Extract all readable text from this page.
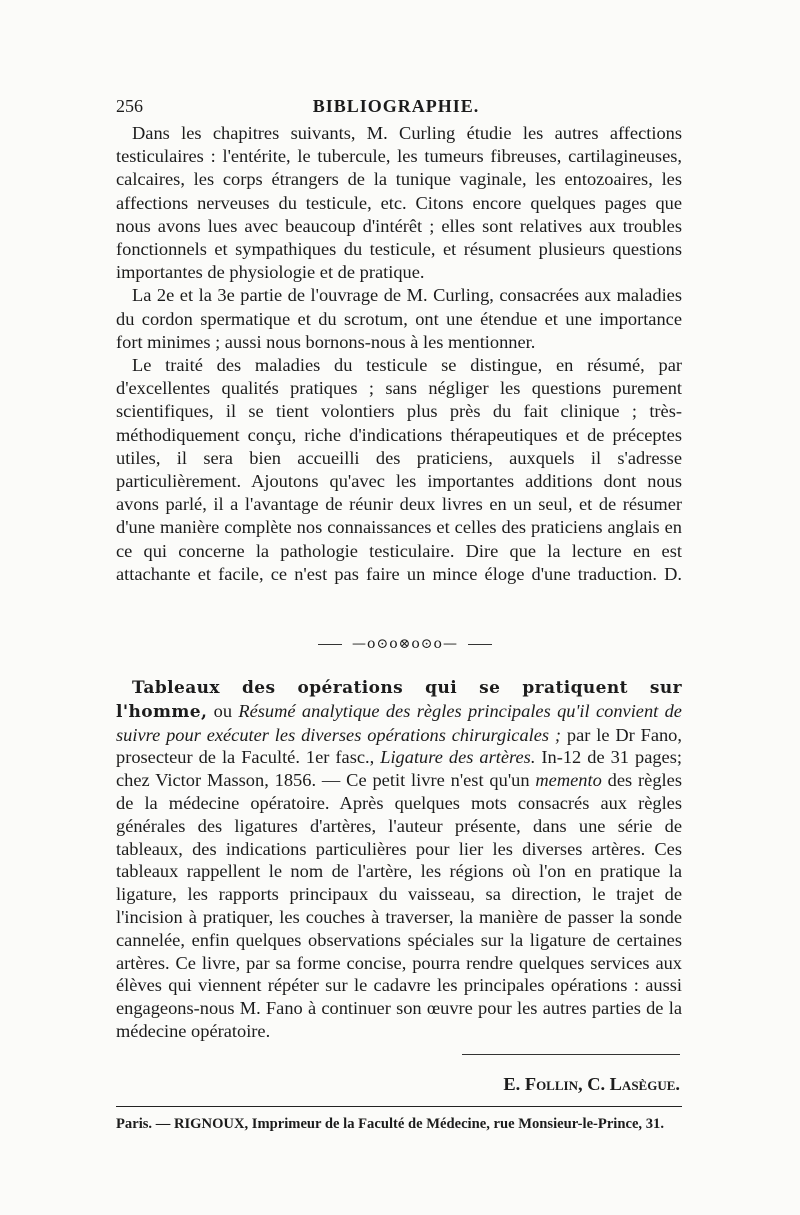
256	BIBLIOGRAPHIE.

Dans les chapitres suivants, M. Curling étudie les autres affections testiculaires : l'entérite, le tubercule, les tumeurs fibreuses, cartilagineuses, calcaires, les corps étrangers de la tunique vaginale, les entozoaires, les affections nerveuses du testicule, etc. Citons encore quelques pages que nous avons lues avec beaucoup d'intérêt ; elles sont relatives aux troubles fonctionnels et sympathiques du testicule, et résument plusieurs questions importantes de physiologie et de pratique.

La 2e et la 3e partie de l'ouvrage de M. Curling, consacrées aux maladies du cordon spermatique et du scrotum, ont une étendue et une importance fort minimes ; aussi nous bornons-nous à les mentionner.

Le traité des maladies du testicule se distingue, en résumé, par d'excellentes qualités pratiques ; sans négliger les questions purement scientifiques, il se tient volontiers plus près du fait clinique ; très-méthodiquement conçu, riche d'indications thérapeutiques et de préceptes utiles, il sera bien accueilli des praticiens, auxquels il s'adresse particulièrement. Ajoutons qu'avec les importantes additions dont nous avons parlé, il a l'avantage de réunir deux livres en un seul, et de résumer d'une manière complète nos connaissances et celles des praticiens anglais en ce qui concerne la pathologie testiculaire. Dire que la lecture en est attachante et facile, ce n'est pas faire un mince éloge d'une traduction. D.

—o⊙o⊗o⊙o—

Tableaux des opérations qui se pratiquent sur l'homme, ou Résumé analytique des règles principales qu'il convient de suivre pour exécuter les diverses opérations chirurgicales ; par le Dr Fano, prosecteur de la Faculté. 1er fasc., Ligature des artères. In-12 de 31 pages; chez Victor Masson, 1856. — Ce petit livre n'est qu'un memento des règles de la médecine opératoire. Après quelques mots consacrés aux règles générales des ligatures d'artères, l'auteur présente, dans une série de tableaux, des indications particulières pour lier les diverses artères. Ces tableaux rappellent le nom de l'artère, les régions où l'on en pratique la ligature, les rapports principaux du vaisseau, sa direction, le trajet de l'incision à pratiquer, les couches à traverser, la manière de passer la sonde cannelée, enfin quelques observations spéciales sur la ligature de certaines artères. Ce livre, par sa forme concise, pourra rendre quelques services aux élèves qui viennent répéter sur le cadavre les principales opérations : aussi engageons-nous M. Fano à continuer son œuvre pour les autres parties de la médecine opératoire.

E. Follin, C. Lasègue.
Paris. — RIGNOUX, Imprimeur de la Faculté de Médecine, rue Monsieur-le-Prince, 31.
